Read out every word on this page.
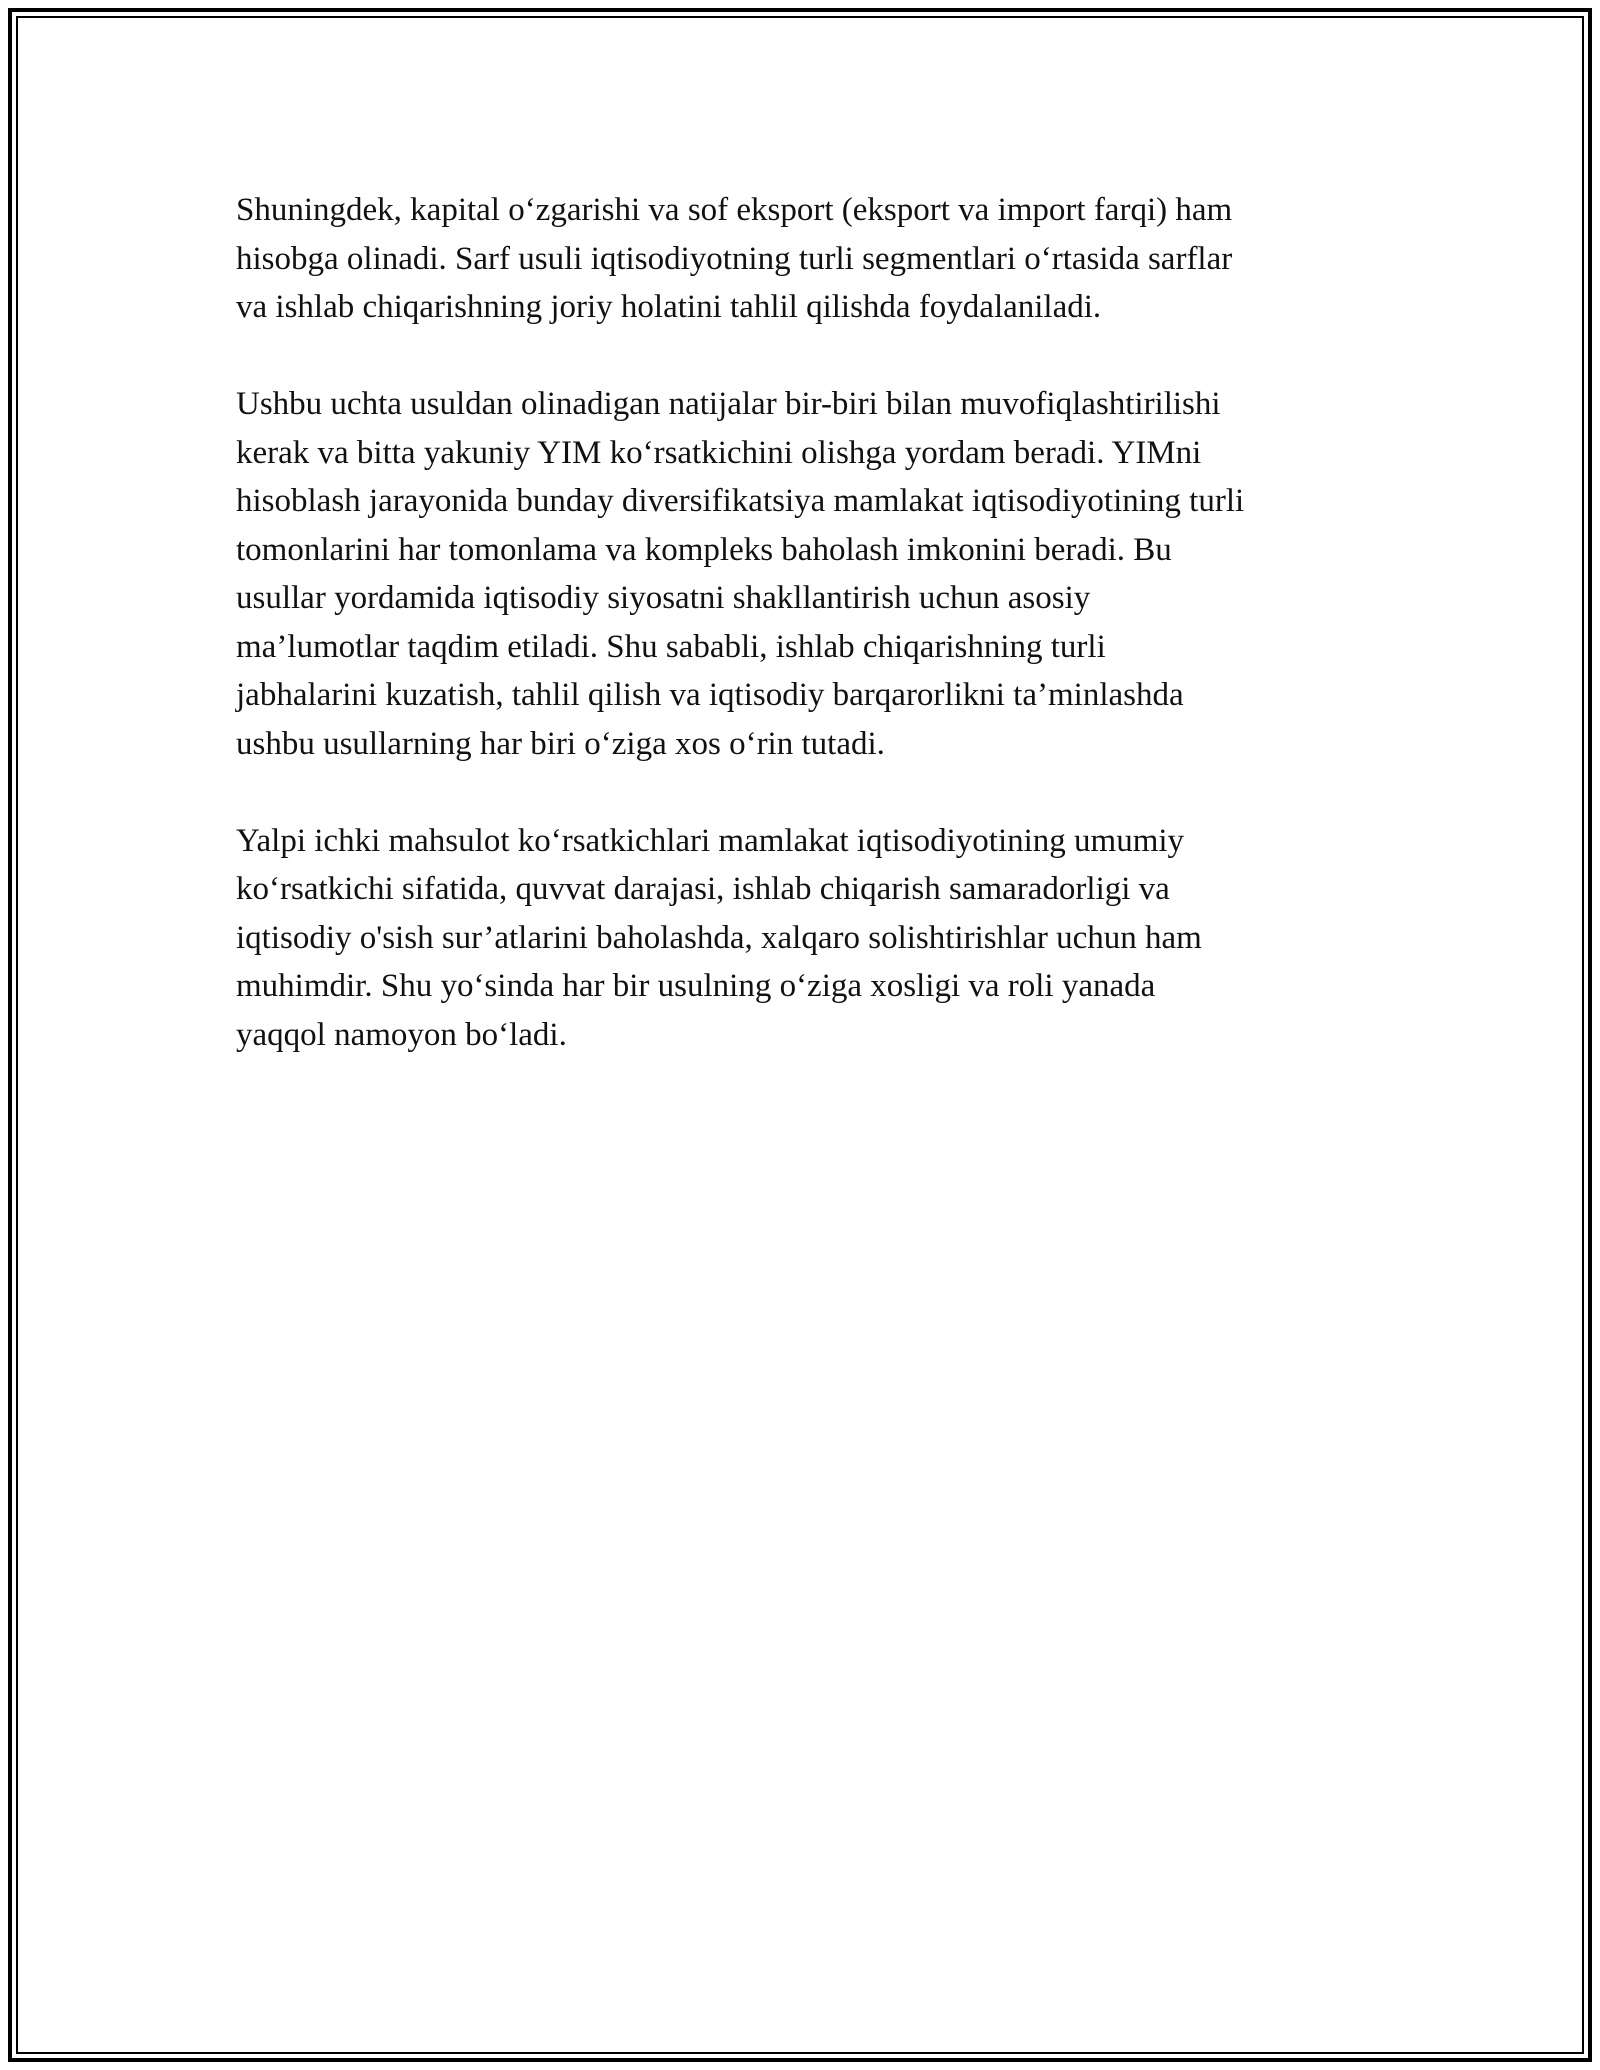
Shuningdek, kapital o‘zgarishi va sof eksport (eksport va import farqi) ham
hisobga olinadi. Sarf usuli iqtisodiyotning turli segmentlari o‘rtasida sarflar
va ishlab chiqarishning joriy holatini tahlil qilishda foydalaniladi.

Ushbu uchta usuldan olinadigan natijalar bir-biri bilan muvofiqlashtirilishi
kerak va bitta yakuniy YIM ko‘rsatkichini olishga yordam beradi. YIMni
hisoblash jarayonida bunday diversifikatsiya mamlakat iqtisodiyotining turli
tomonlarini har tomonlama va kompleks baholash imkonini beradi. Bu
usullar yordamida iqtisodiy siyosatni shakllantirish uchun asosiy
ma’lumotlar taqdim etiladi. Shu sababli, ishlab chiqarishning turli
jabhalarini kuzatish, tahlil qilish va iqtisodiy barqarorlikni ta’minlashda
ushbu usullarning har biri o‘ziga xos o‘rin tutadi.

Yalpi ichki mahsulot ko‘rsatkichlari mamlakat iqtisodiyotining umumiy
ko‘rsatkichi sifatida, quvvat darajasi, ishlab chiqarish samaradorligi va
iqtisodiy o'sish sur’atlarini baholashda, xalqaro solishtirishlar uchun ham
muhimdir. Shu yo‘sinda har bir usulning o‘ziga xosligi va roli yanada
yaqqol namoyon bo‘ladi.
